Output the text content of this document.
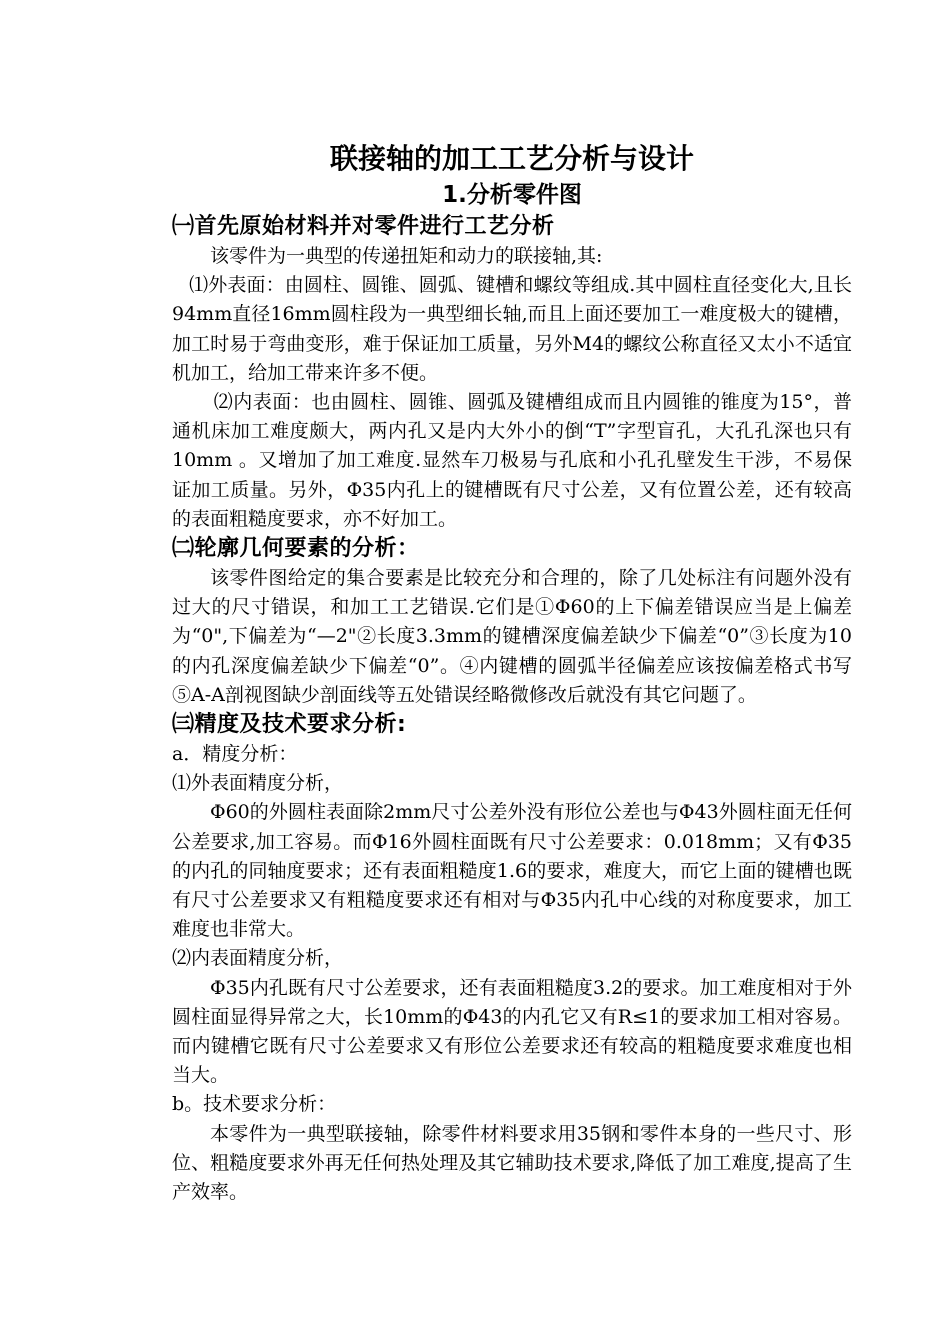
联接轴的加工工艺分析与设计
1.分析零件图
㈠首先原始材料并对零件进行工艺分析

该零件为一典型的传递扭矩和动力的联接轴,其:

⑴外表面：由圆柱、圆锥、圆弧、键槽和螺纹等组成.其中圆柱直径变化大,且长94mm直径16mm圆柱段为一典型细长轴,而且上面还要加工一难度极大的键槽，加工时易于弯曲变形，难于保证加工质量，另外M4的螺纹公称直径又太小不适宜机加工，给加工带来许多不便。

⑵内表面：也由圆柱、圆锥、圆弧及键槽组成而且内圆锥的锥度为15°，普通机床加工难度颇大，两内孔又是内大外小的倒“T”字型盲孔，大孔孔深也只有10mm 。又增加了加工难度.显然车刀极易与孔底和小孔孔壁发生干涉，不易保证加工质量。另外，Φ35内孔上的键槽既有尺寸公差，又有位置公差，还有较高的表面粗糙度要求，亦不好加工。

㈡轮廓几何要素的分析：

该零件图给定的集合要素是比较充分和合理的，除了几处标注有问题外没有过大的尺寸错误，和加工工艺错误.它们是①Φ60的上下偏差错误应当是上偏差为“0",下偏差为“—2"②长度3.3mm的键槽深度偏差缺少下偏差“0”③长度为10的内孔深度偏差缺少下偏差“0”。④内键槽的圆弧半径偏差应该按偏差格式书写⑤A-A剖视图缺少剖面线等五处错误经略微修改后就没有其它问题了。

㈢精度及技术要求分析:

a．精度分析：

⑴外表面精度分析，

Φ60的外圆柱表面除2mm尺寸公差外没有形位公差也与Φ43外圆柱面无任何公差要求,加工容易。而Φ16外圆柱面既有尺寸公差要求：0.018mm；又有Φ35的内孔的同轴度要求；还有表面粗糙度1.6的要求，难度大，而它上面的键槽也既有尺寸公差要求又有粗糙度要求还有相对与Φ35内孔中心线的对称度要求，加工难度也非常大。

⑵内表面精度分析，

Φ35内孔既有尺寸公差要求，还有表面粗糙度3.2的要求。加工难度相对于外圆柱面显得异常之大，长10mm的Φ43的内孔它又有R≤1的要求加工相对容易。而内键槽它既有尺寸公差要求又有形位公差要求还有较高的粗糙度要求难度也相当大。

b。技术要求分析：

本零件为一典型联接轴，除零件材料要求用35钢和零件本身的一些尺寸、形位、粗糙度要求外再无任何热处理及其它辅助技术要求,降低了加工难度,提高了生产效率。
